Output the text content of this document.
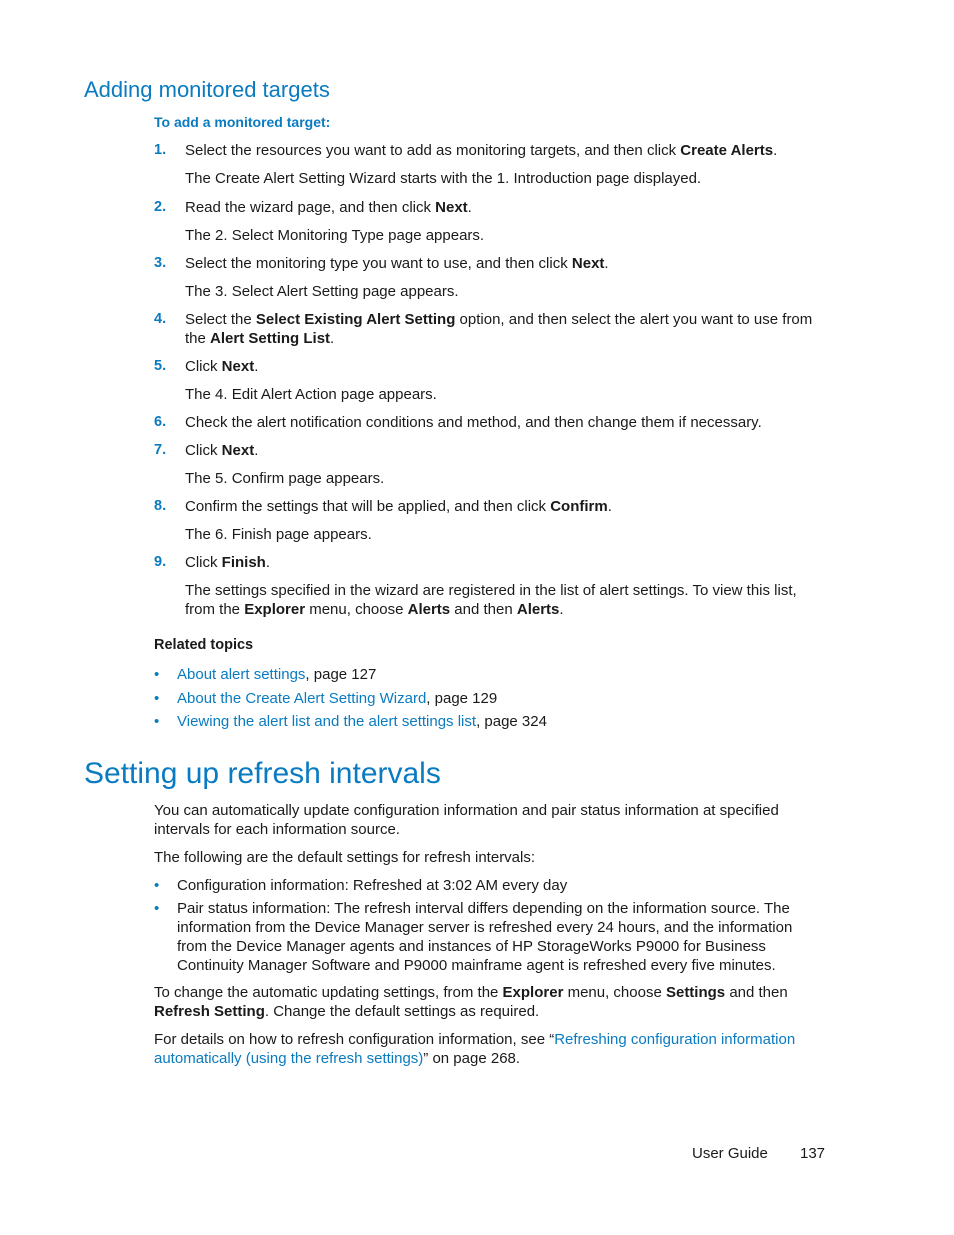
Adding monitored targets

To add a monitored target:

1. Select the resources you want to add as monitoring targets, and then click Create Alerts.
The Create Alert Setting Wizard starts with the 1. Introduction page displayed.
2. Read the wizard page, and then click Next.
The 2. Select Monitoring Type page appears.
3. Select the monitoring type you want to use, and then click Next.
The 3. Select Alert Setting page appears.
4. Select the Select Existing Alert Setting option, and then select the alert you want to use from the Alert Setting List.
5. Click Next.
The 4. Edit Alert Action page appears.
6. Check the alert notification conditions and method, and then change them if necessary.
7. Click Next.
The 5. Confirm page appears.
8. Confirm the settings that will be applied, and then click Confirm.
The 6. Finish page appears.
9. Click Finish.
The settings specified in the wizard are registered in the list of alert settings. To view this list, from the Explorer menu, choose Alerts and then Alerts.

Related topics

• About alert settings, page 127
• About the Create Alert Setting Wizard, page 129
• Viewing the alert list and the alert settings list, page 324
Setting up refresh intervals
You can automatically update configuration information and pair status information at specified intervals for each information source.
The following are the default settings for refresh intervals:
• Configuration information: Refreshed at 3:02 AM every day
• Pair status information: The refresh interval differs depending on the information source. The information from the Device Manager server is refreshed every 24 hours, and the information from the Device Manager agents and instances of HP StorageWorks P9000 for Business Continuity Manager Software and P9000 mainframe agent is refreshed every five minutes.
To change the automatic updating settings, from the Explorer menu, choose Settings and then Refresh Setting. Change the default settings as required.
For details on how to refresh configuration information, see “Refreshing configuration information automatically (using the refresh settings)” on page 268.
User Guide 137
